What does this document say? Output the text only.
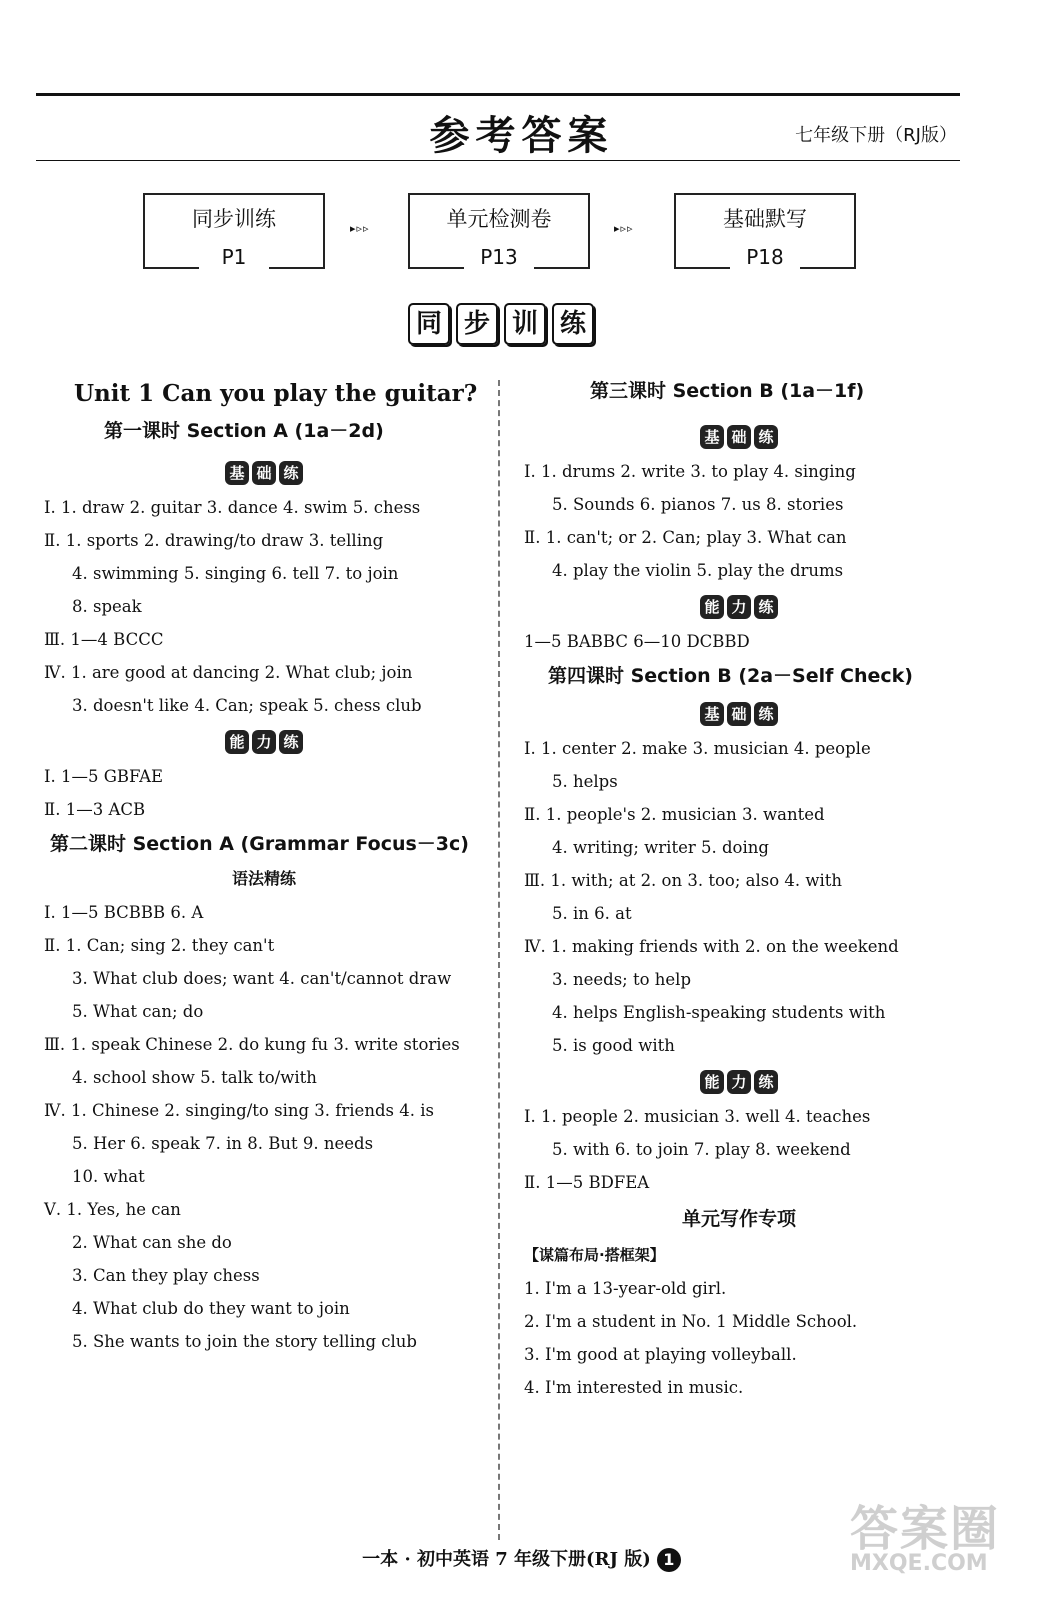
参考答案	七年级下册（RJ版）
同步训练
P1
▸▹▹	单元检测卷
P13
▸▹▹	基础默写
P18
同 步 训 练
Unit 1 Can you play the guitar?
第一课时 Section A (1a－2d)
基 础 练
Ⅰ. 1. draw 2. guitar 3. dance 4. swim 5. chess
Ⅱ. 1. sports 2. drawing/to draw 3. telling
4. swimming 5. singing 6. tell 7. to join
8. speak
Ⅲ. 1—4 BCCC
Ⅳ. 1. are good at dancing 2. What club; join
3. doesn't like 4. Can; speak 5. chess club
能 力 练
Ⅰ. 1—5 GBFAE
Ⅱ. 1—3 ACB
第二课时 Section A (Grammar Focus－3c)
语法精练
Ⅰ. 1—5 BCBBB 6. A
Ⅱ. 1. Can; sing 2. they can't
3. What club does; want 4. can't/cannot draw
5. What can; do
Ⅲ. 1. speak Chinese 2. do kung fu 3. write stories
4. school show 5. talk to/with
Ⅳ. 1. Chinese 2. singing/to sing 3. friends 4. is
5. Her 6. speak 7. in 8. But 9. needs
10. what
Ⅴ. 1. Yes, he can
2. What can she do
3. Can they play chess
4. What club do they want to join
5. She wants to join the story telling club
第三课时 Section B (1a－1f)
基 础 练
Ⅰ. 1. drums 2. write 3. to play 4. singing
5. Sounds 6. pianos 7. us 8. stories
Ⅱ. 1. can't; or 2. Can; play 3. What can
4. play the violin 5. play the drums
能 力 练
1—5 BABBC 6—10 DCBBD
第四课时 Section B (2a－Self Check)
基 础 练
Ⅰ. 1. center 2. make 3. musician 4. people
5. helps
Ⅱ. 1. people's 2. musician 3. wanted
4. writing; writer 5. doing
Ⅲ. 1. with; at 2. on 3. too; also 4. with
5. in 6. at
Ⅳ. 1. making friends with 2. on the weekend
3. needs; to help
4. helps English-speaking students with
5. is good with
能 力 练
Ⅰ. 1. people 2. musician 3. well 4. teaches
5. with 6. to join 7. play 8. weekend
Ⅱ. 1—5 BDFEA
单元写作专项
【谋篇布局·搭框架】
1. I'm a 13-year-old girl.
2. I'm a student in No. 1 Middle School.
3. I'm good at playing volleyball.
4. I'm interested in music.
一本 · 初中英语 7 年级下册(RJ 版) 1
答案圈
MXQE.COM
